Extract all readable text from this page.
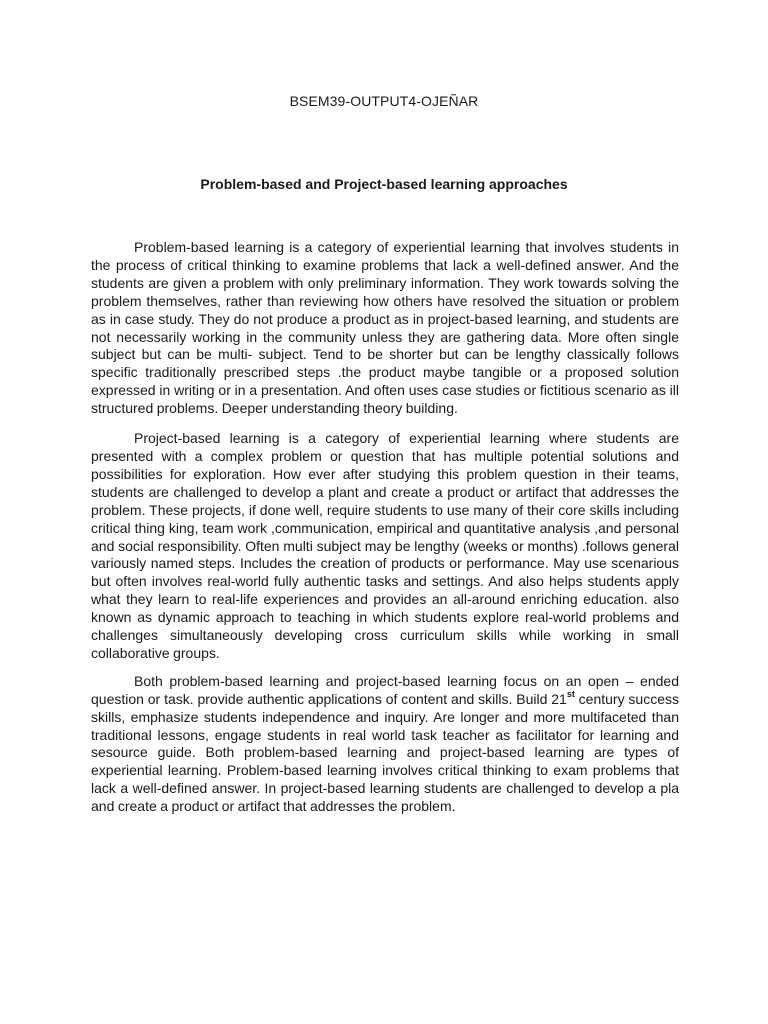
BSEM39-OUTPUT4-OJEÑAR
Problem-based and Project-based learning approaches

Problem-based learning is a category of experiential learning that involves students in the process of critical thinking to examine problems that lack a well-defined answer. And the students are given a problem with only preliminary information. They work towards solving the problem themselves, rather than reviewing how others have resolved the situation or problem as in case study. They do not produce a product as in project-based learning, and students are not necessarily working in the community unless they are gathering data. More often single subject but can be multi- subject. Tend to be shorter but can be lengthy classically follows specific traditionally prescribed steps .the product maybe tangible or a proposed solution expressed in writing or in a presentation. And often uses case studies or fictitious scenario as ill structured problems. Deeper understanding theory building.

Project-based learning is a category of experiential learning where students are presented with a complex problem or question that has multiple potential solutions and possibilities for exploration. How ever after studying this problem question in their teams, students are challenged to develop a plant and create a product or artifact that addresses the problem. These projects, if done well, require students to use many of their core skills including critical thing king, team work ,communication, empirical and quantitative analysis ,and personal and social responsibility. Often multi subject may be lengthy (weeks or months) .follows general variously named steps. Includes the creation of products or performance. May use scenarious but often involves real-world fully authentic tasks and settings. And also helps students apply what they learn to real-life experiences and provides an all-around enriching education. also known as dynamic approach to teaching in which students explore real-world problems and challenges simultaneously developing cross curriculum skills while working in small collaborative groups.

Both problem-based learning and project-based learning focus on an open – ended question or task. provide authentic applications of content and skills. Build 21st century success skills, emphasize students independence and inquiry. Are longer and more multifaceted than traditional lessons, engage students in real world task teacher as facilitator for learning and sesource guide. Both problem-based learning and project-based learning are types of experiential learning. Problem-based learning involves critical thinking to exam problems that lack a well-defined answer. In project-based learning students are challenged to develop a pla and create a product or artifact that addresses the problem.
